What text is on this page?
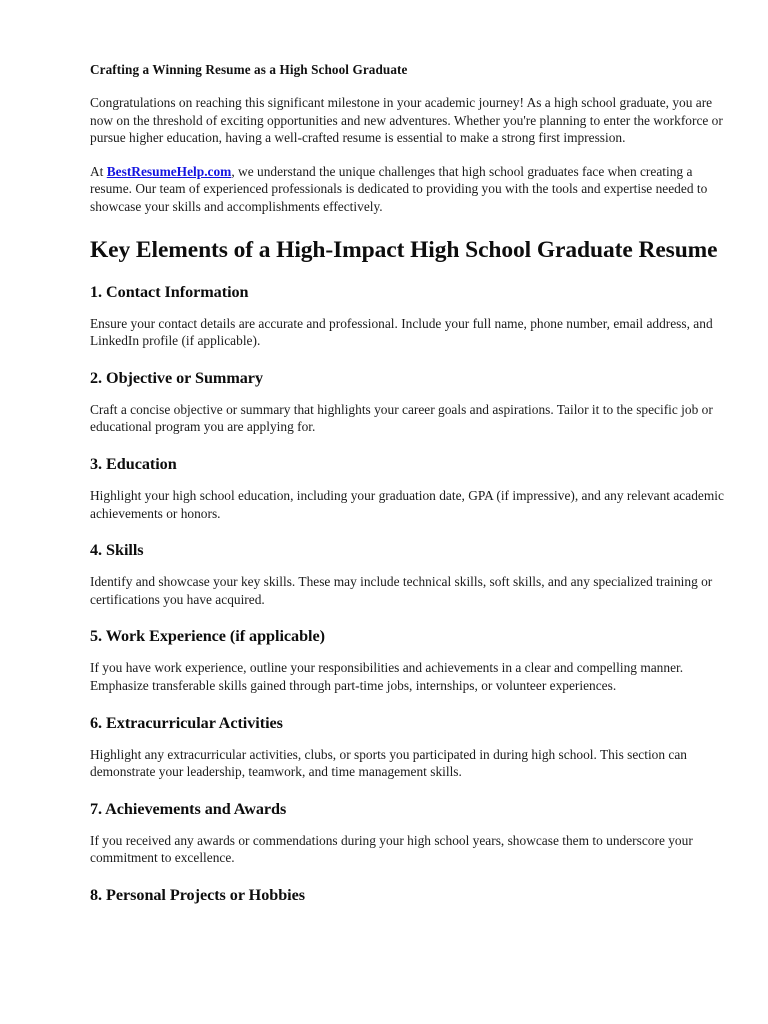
Crafting a Winning Resume as a High School Graduate

Congratulations on reaching this significant milestone in your academic journey! As a high school graduate, you are now on the threshold of exciting opportunities and new adventures. Whether you're planning to enter the workforce or pursue higher education, having a well-crafted resume is essential to make a strong first impression.

At BestResumeHelp.com, we understand the unique challenges that high school graduates face when creating a resume. Our team of experienced professionals is dedicated to providing you with the tools and expertise needed to showcase your skills and accomplishments effectively.

Key Elements of a High-Impact High School Graduate Resume
1. Contact Information

Ensure your contact details are accurate and professional. Include your full name, phone number, email address, and LinkedIn profile (if applicable).

2. Objective or Summary

Craft a concise objective or summary that highlights your career goals and aspirations. Tailor it to the specific job or educational program you are applying for.

3. Education

Highlight your high school education, including your graduation date, GPA (if impressive), and any relevant academic achievements or honors.

4. Skills

Identify and showcase your key skills. These may include technical skills, soft skills, and any specialized training or certifications you have acquired.

5. Work Experience (if applicable)

If you have work experience, outline your responsibilities and achievements in a clear and compelling manner. Emphasize transferable skills gained through part-time jobs, internships, or volunteer experiences.

6. Extracurricular Activities

Highlight any extracurricular activities, clubs, or sports you participated in during high school. This section can demonstrate your leadership, teamwork, and time management skills.

7. Achievements and Awards

If you received any awards or commendations during your high school years, showcase them to underscore your commitment to excellence.

8. Personal Projects or Hobbies
